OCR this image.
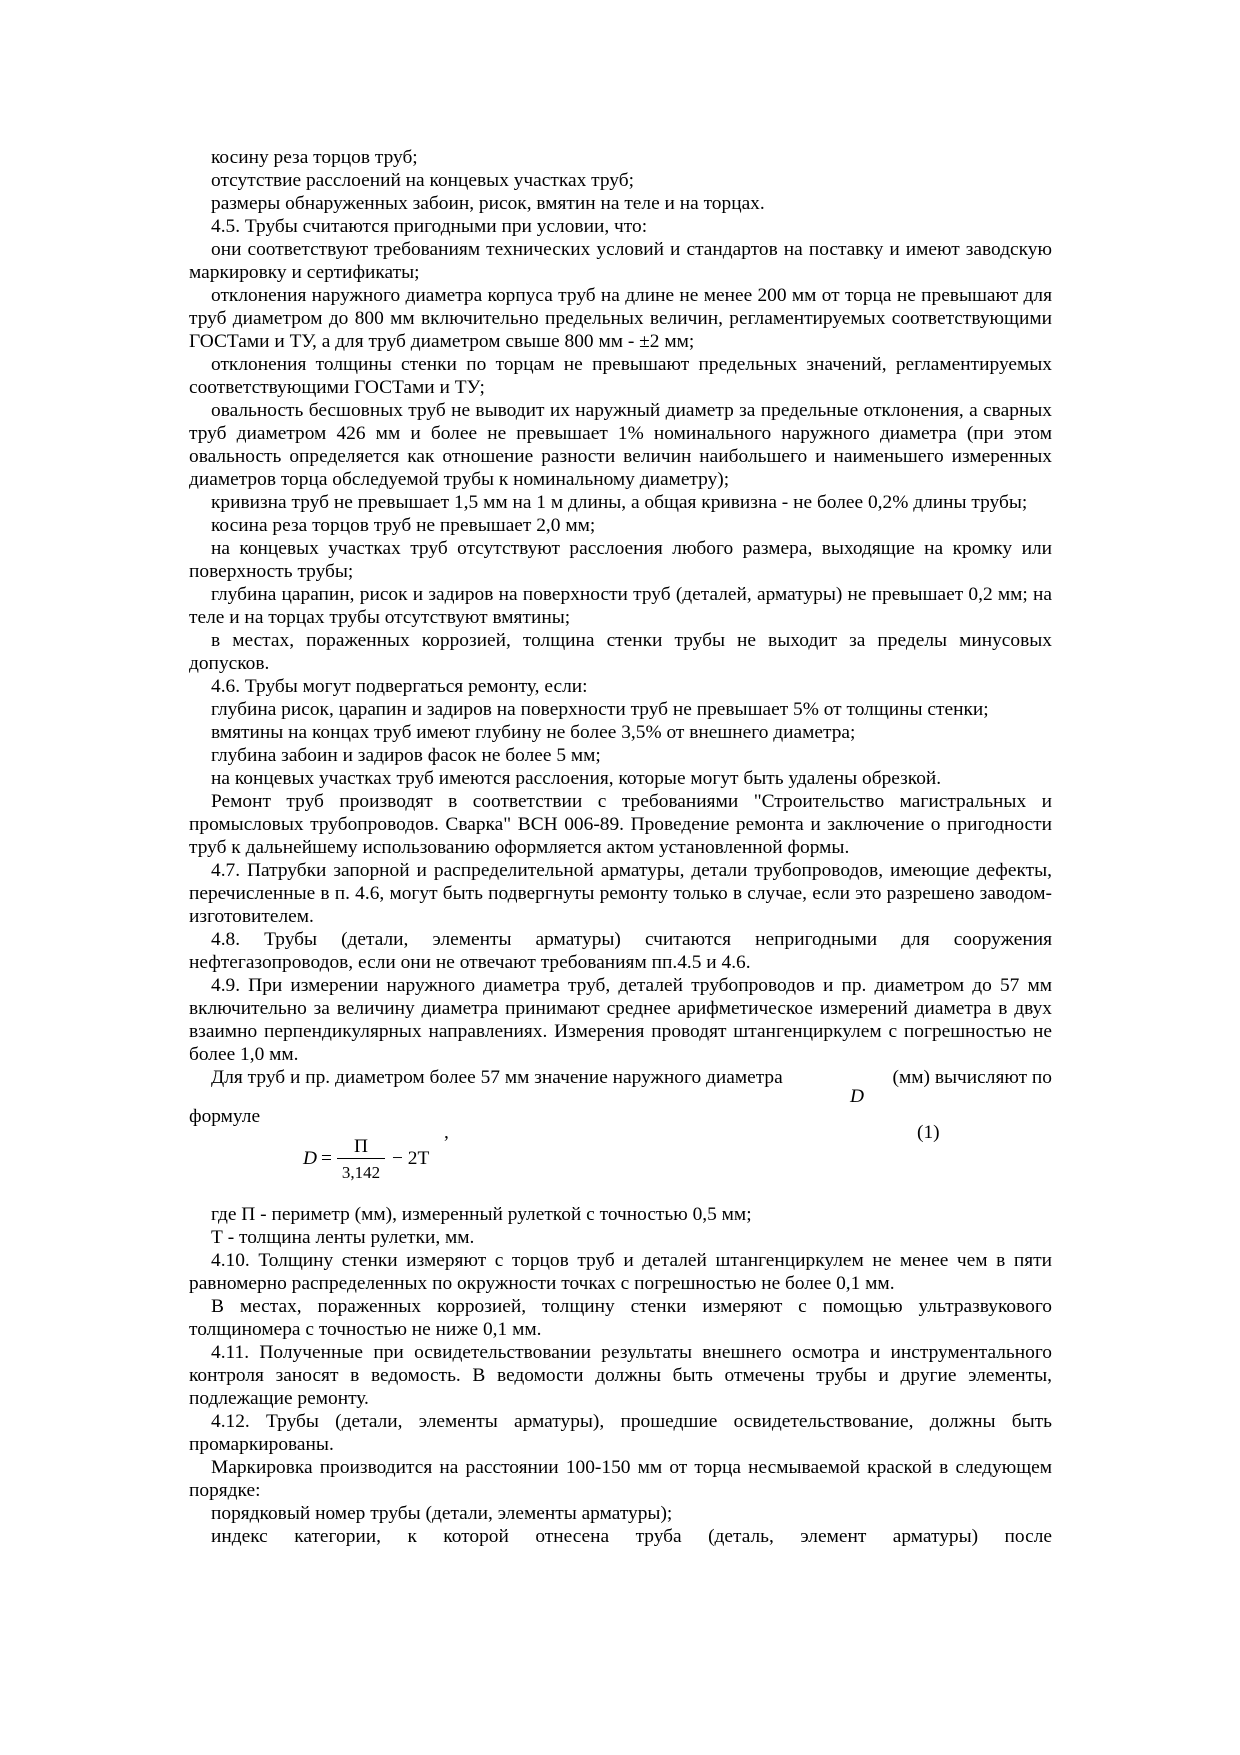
косину реза торцов труб;

отсутствие расслоений на концевых участках труб;

размеры обнаруженных забоин, рисок, вмятин на теле и на торцах.

4.5. Трубы считаются пригодными при условии, что:

они соответствуют требованиям технических условий и стандартов на поставку и имеют заводскую маркировку и сертификаты;

отклонения наружного диаметра корпуса труб на длине не менее 200 мм от торца не превышают для труб диаметром до 800 мм включительно предельных величин, регламентируемых соответствующими ГОСТами и ТУ, а для труб диаметром свыше 800 мм - ±2 мм;

отклонения толщины стенки по торцам не превышают предельных значений, регламентируемых соответствующими ГОСТами и ТУ;

овальность бесшовных труб не выводит их наружный диаметр за предельные отклонения, а сварных труб диаметром 426 мм и более не превышает 1% номинального наружного диаметра (при этом овальность определяется как отношение разности величин наибольшего и наименьшего измеренных диаметров торца обследуемой трубы к номинальному диаметру);

кривизна труб не превышает 1,5 мм на 1 м длины, а общая кривизна - не более 0,2% длины трубы;

косина реза торцов труб не превышает 2,0 мм;

на концевых участках труб отсутствуют расслоения любого размера, выходящие на кромку или поверхность трубы;

глубина царапин, рисок и задиров на поверхности труб (деталей, арматуры) не превышает 0,2 мм; на теле и на торцах трубы отсутствуют вмятины;

в местах, пораженных коррозией, толщина стенки трубы не выходит за пределы минусовых допусков.

4.6. Трубы могут подвергаться ремонту, если:

глубина рисок, царапин и задиров на поверхности труб не превышает 5% от толщины стенки;

вмятины на концах труб имеют глубину не более 3,5% от внешнего диаметра;

глубина забоин и задиров фасок не более 5 мм;

на концевых участках труб имеются расслоения, которые могут быть удалены обрезкой.

Ремонт труб производят в соответствии с требованиями "Строительство магистральных и промысловых трубопроводов. Сварка" ВСН 006-89. Проведение ремонта и заключение о пригодности труб к дальнейшему использованию оформляется актом установленной формы.

4.7. Патрубки запорной и распределительной арматуры, детали трубопроводов, имеющие дефекты, перечисленные в п. 4.6, могут быть подвергнуты ремонту только в случае, если это разрешено заводом-изготовителем.

4.8. Трубы (детали, элементы арматуры) считаются непригодными для сооружения нефтегазопроводов, если они не отвечают требованиям пп.4.5 и 4.6.

4.9. При измерении наружного диаметра труб, деталей трубопроводов и пр. диаметром до 57 мм включительно за величину диаметра принимают среднее арифметическое измерений диаметра в двух взаимно перпендикулярных направлениях. Измерения проводят штангенциркулем с погрешностью не более 1,0 мм.

Для труб и пр. диаметром более 57 мм значение наружного диаметра
D
(мм) вычисляют по
формуле
,	(1)
D =
П
3,142
− 2Т

где П - периметр (мм), измеренный рулеткой с точностью 0,5 мм;

Т - толщина ленты рулетки, мм.

4.10. Толщину стенки измеряют с торцов труб и деталей штангенциркулем не менее чем в пяти равномерно распределенных по окружности точках с погрешностью не более 0,1 мм.

В местах, пораженных коррозией, толщину стенки измеряют с помощью ультразвукового толщиномера с точностью не ниже 0,1 мм.

4.11. Полученные при освидетельствовании результаты внешнего осмотра и инструментального контроля заносят в ведомость. В ведомости должны быть отмечены трубы и другие элементы, подлежащие ремонту.

4.12. Трубы (детали, элементы арматуры), прошедшие освидетельствование, должны быть промаркированы.

Маркировка производится на расстоянии 100-150 мм от торца несмываемой краской в следующем порядке:

порядковый номер трубы (детали, элементы арматуры);

индекс категории, к которой отнесена труба (деталь, элемент арматуры) после
